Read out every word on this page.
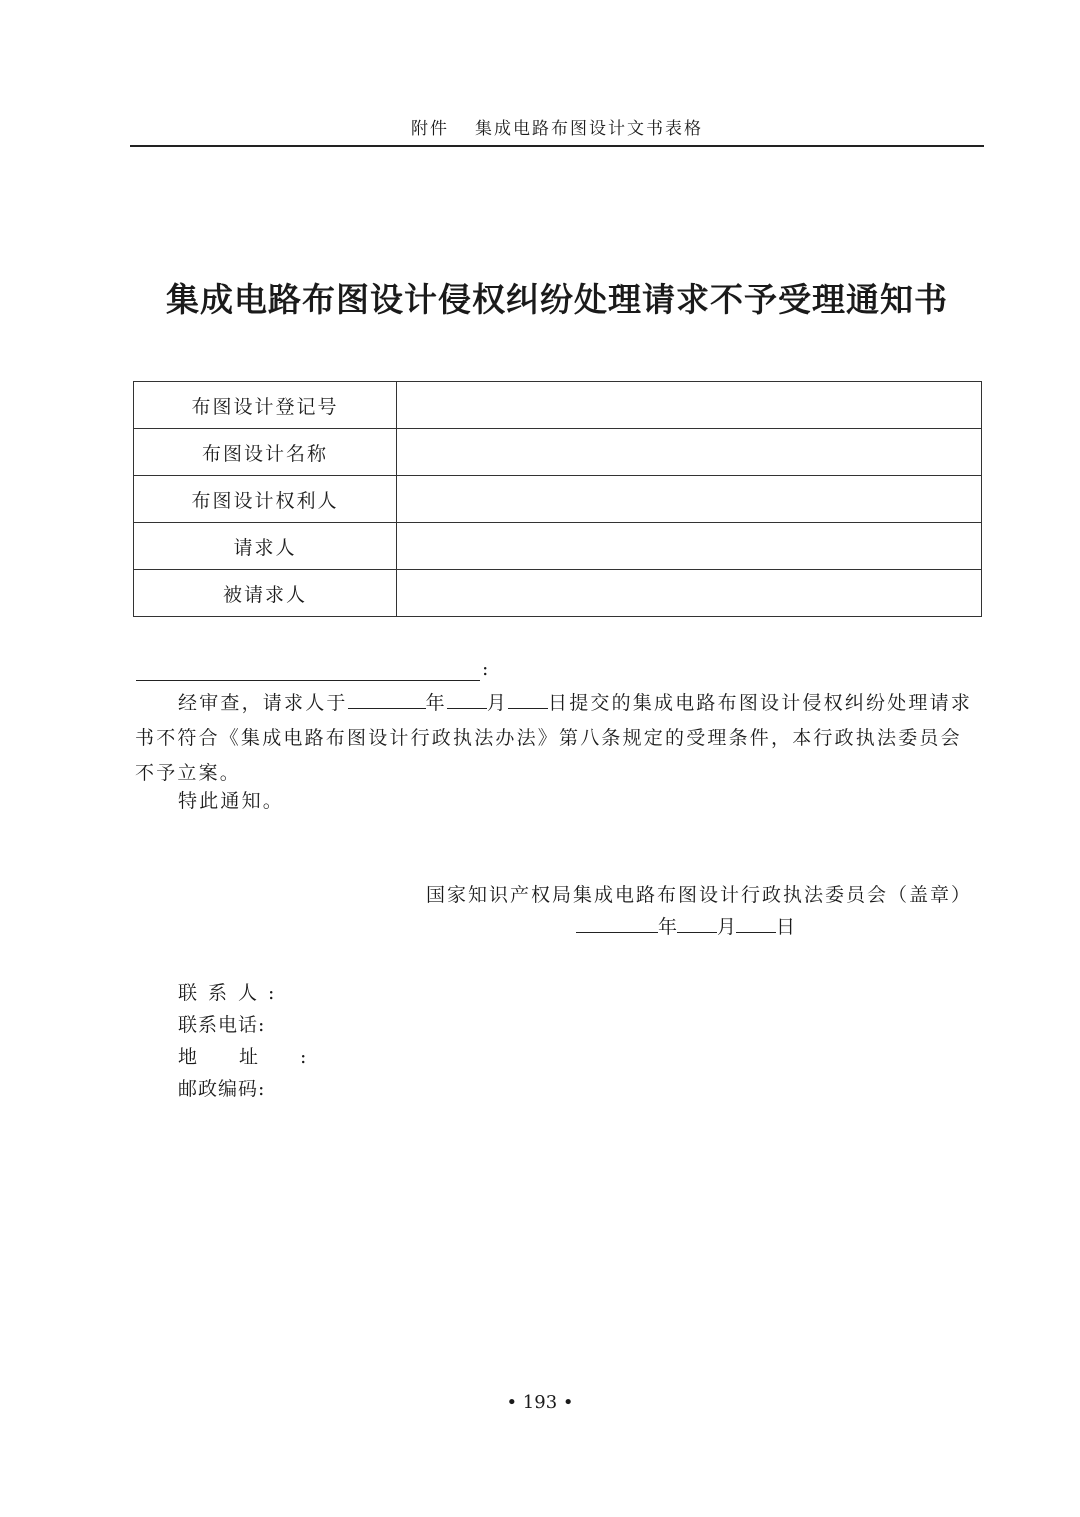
附件 集成电路布图设计文书表格
集成电路布图设计侵权纠纷处理请求不予受理通知书
布图设计登记号	
布图设计名称	
布图设计权利人	
请求人	
被请求人	
:
经审查，请求人于	年 月 日提交的集成电路布图设计侵权纠纷处理请求书不符合《集成电路布图设计行政执法办法》第八条规定的受理条件，本行政执法委员会不予立案。
特此通知。
国家知识产权局集成电路布图设计行政执法委员会（盖章）
年 月 日
联系人:
联系电话:
地址:
邮政编码:
• 193 •
